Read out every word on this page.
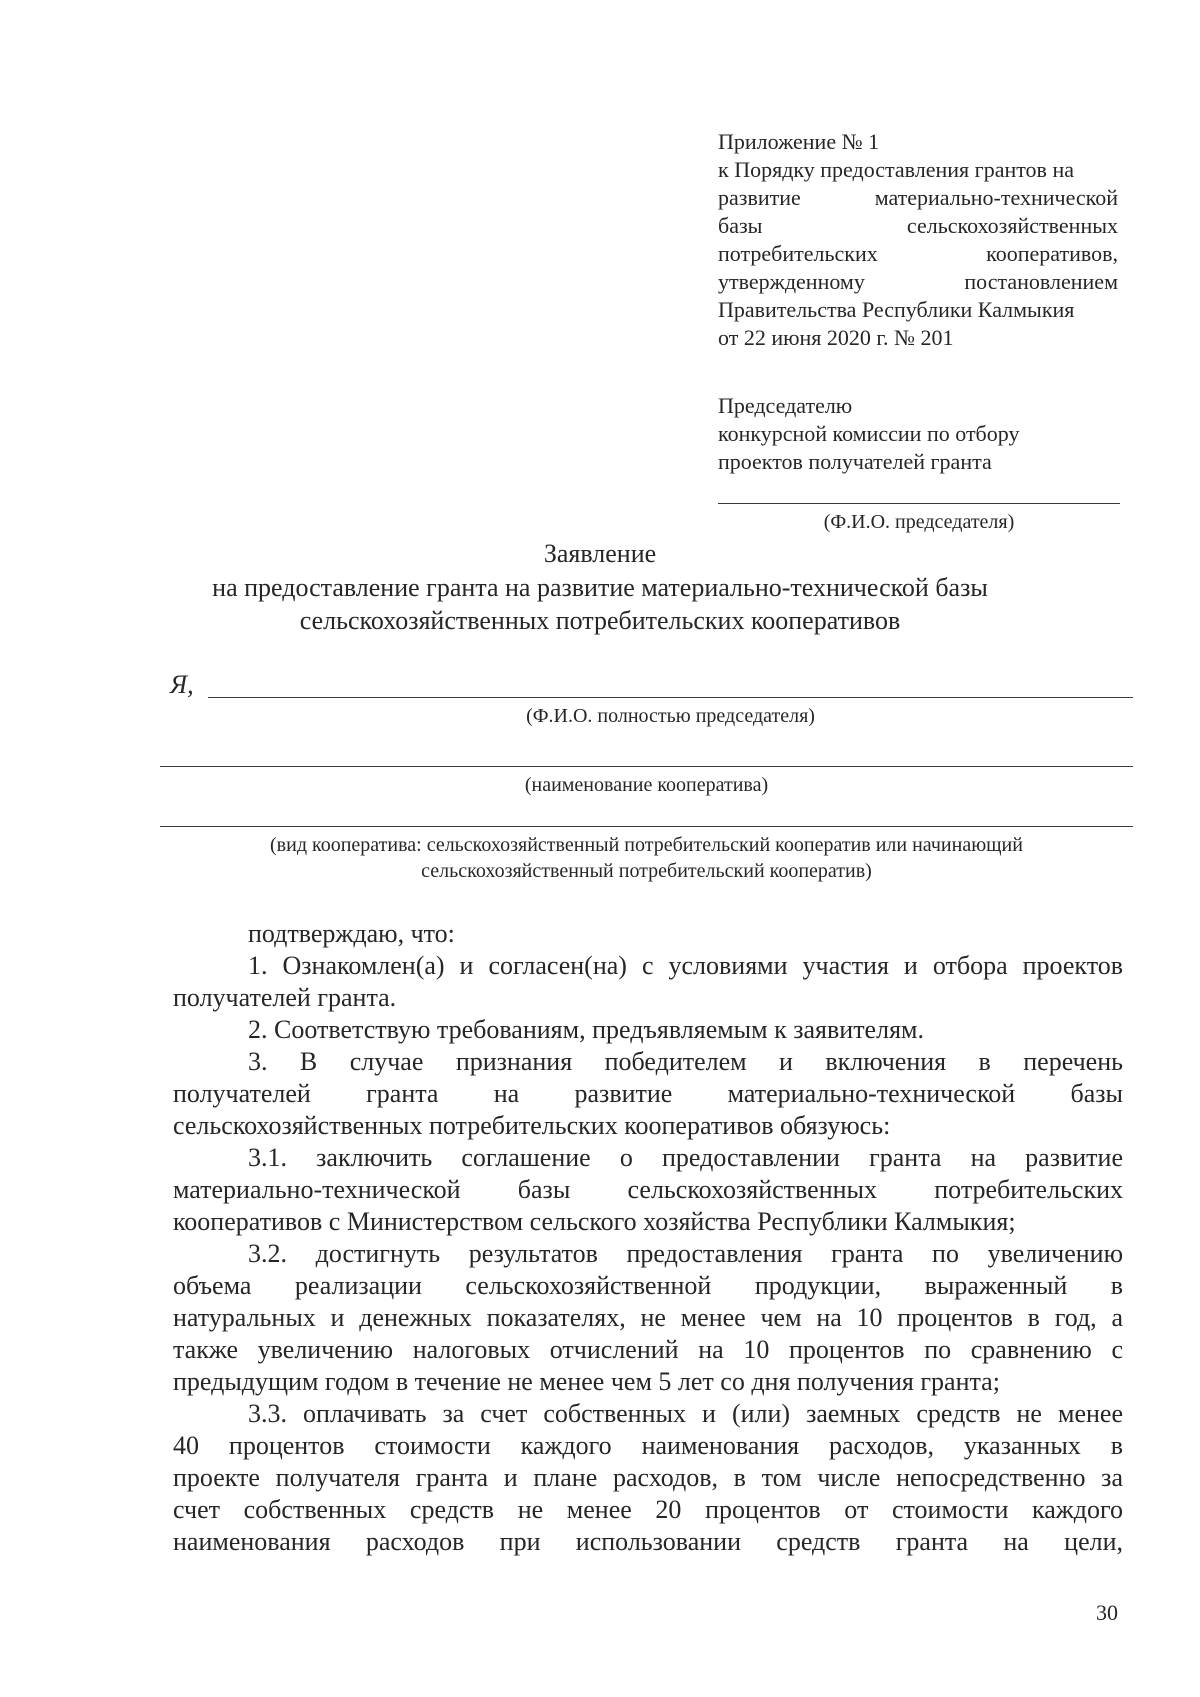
Приложение № 1
к Порядку предоставления грантов на
развитие	материально-технической
базы	сельскохозяйственных
потребительских	кооперативов,
утвержденному	постановлением
Правительства Республики Калмыкия
от 22 июня 2020 г. № 201
Председателю
конкурсной комиссии по отбору
проектов получателей гранта
(Ф.И.О. председателя)
Заявление
на предоставление гранта на развитие материально-технической базы
сельскохозяйственных потребительских кооперативов
Я,
(Ф.И.О. полностью председателя)
(наименование кооператива)
(вид кооператива: сельскохозяйственный потребительский кооператив или начинающий
сельскохозяйственный потребительский кооператив)

подтверждаю, что:

1. Ознакомлен(а) и согласен(на) с условиями участия и отбора проектов

получателей гранта.

2. Соответствую требованиям, предъявляемым к заявителям.

3. В случае признания победителем и включения в перечень

получателей гранта на развитие материально-технической базы

сельскохозяйственных потребительских кооперативов обязуюсь:

3.1. заключить соглашение о предоставлении гранта на развитие

материально-технической базы сельскохозяйственных потребительских

кооперативов с Министерством сельского хозяйства Республики Калмыкия;

3.2. достигнуть результатов предоставления гранта по увеличению

объема реализации сельскохозяйственной продукции, выраженный в

натуральных и денежных показателях, не менее чем на 10 процентов в год, а

также увеличению налоговых отчислений на 10 процентов по сравнению с

предыдущим годом в течение не менее чем 5 лет со дня получения гранта;

3.3. оплачивать за счет собственных и (или) заемных средств не менее

40 процентов стоимости каждого наименования расходов, указанных в

проекте получателя гранта и плане расходов, в том числе непосредственно за

счет собственных средств не менее 20 процентов от стоимости каждого

наименования расходов при использовании средств гранта на цели,

30
